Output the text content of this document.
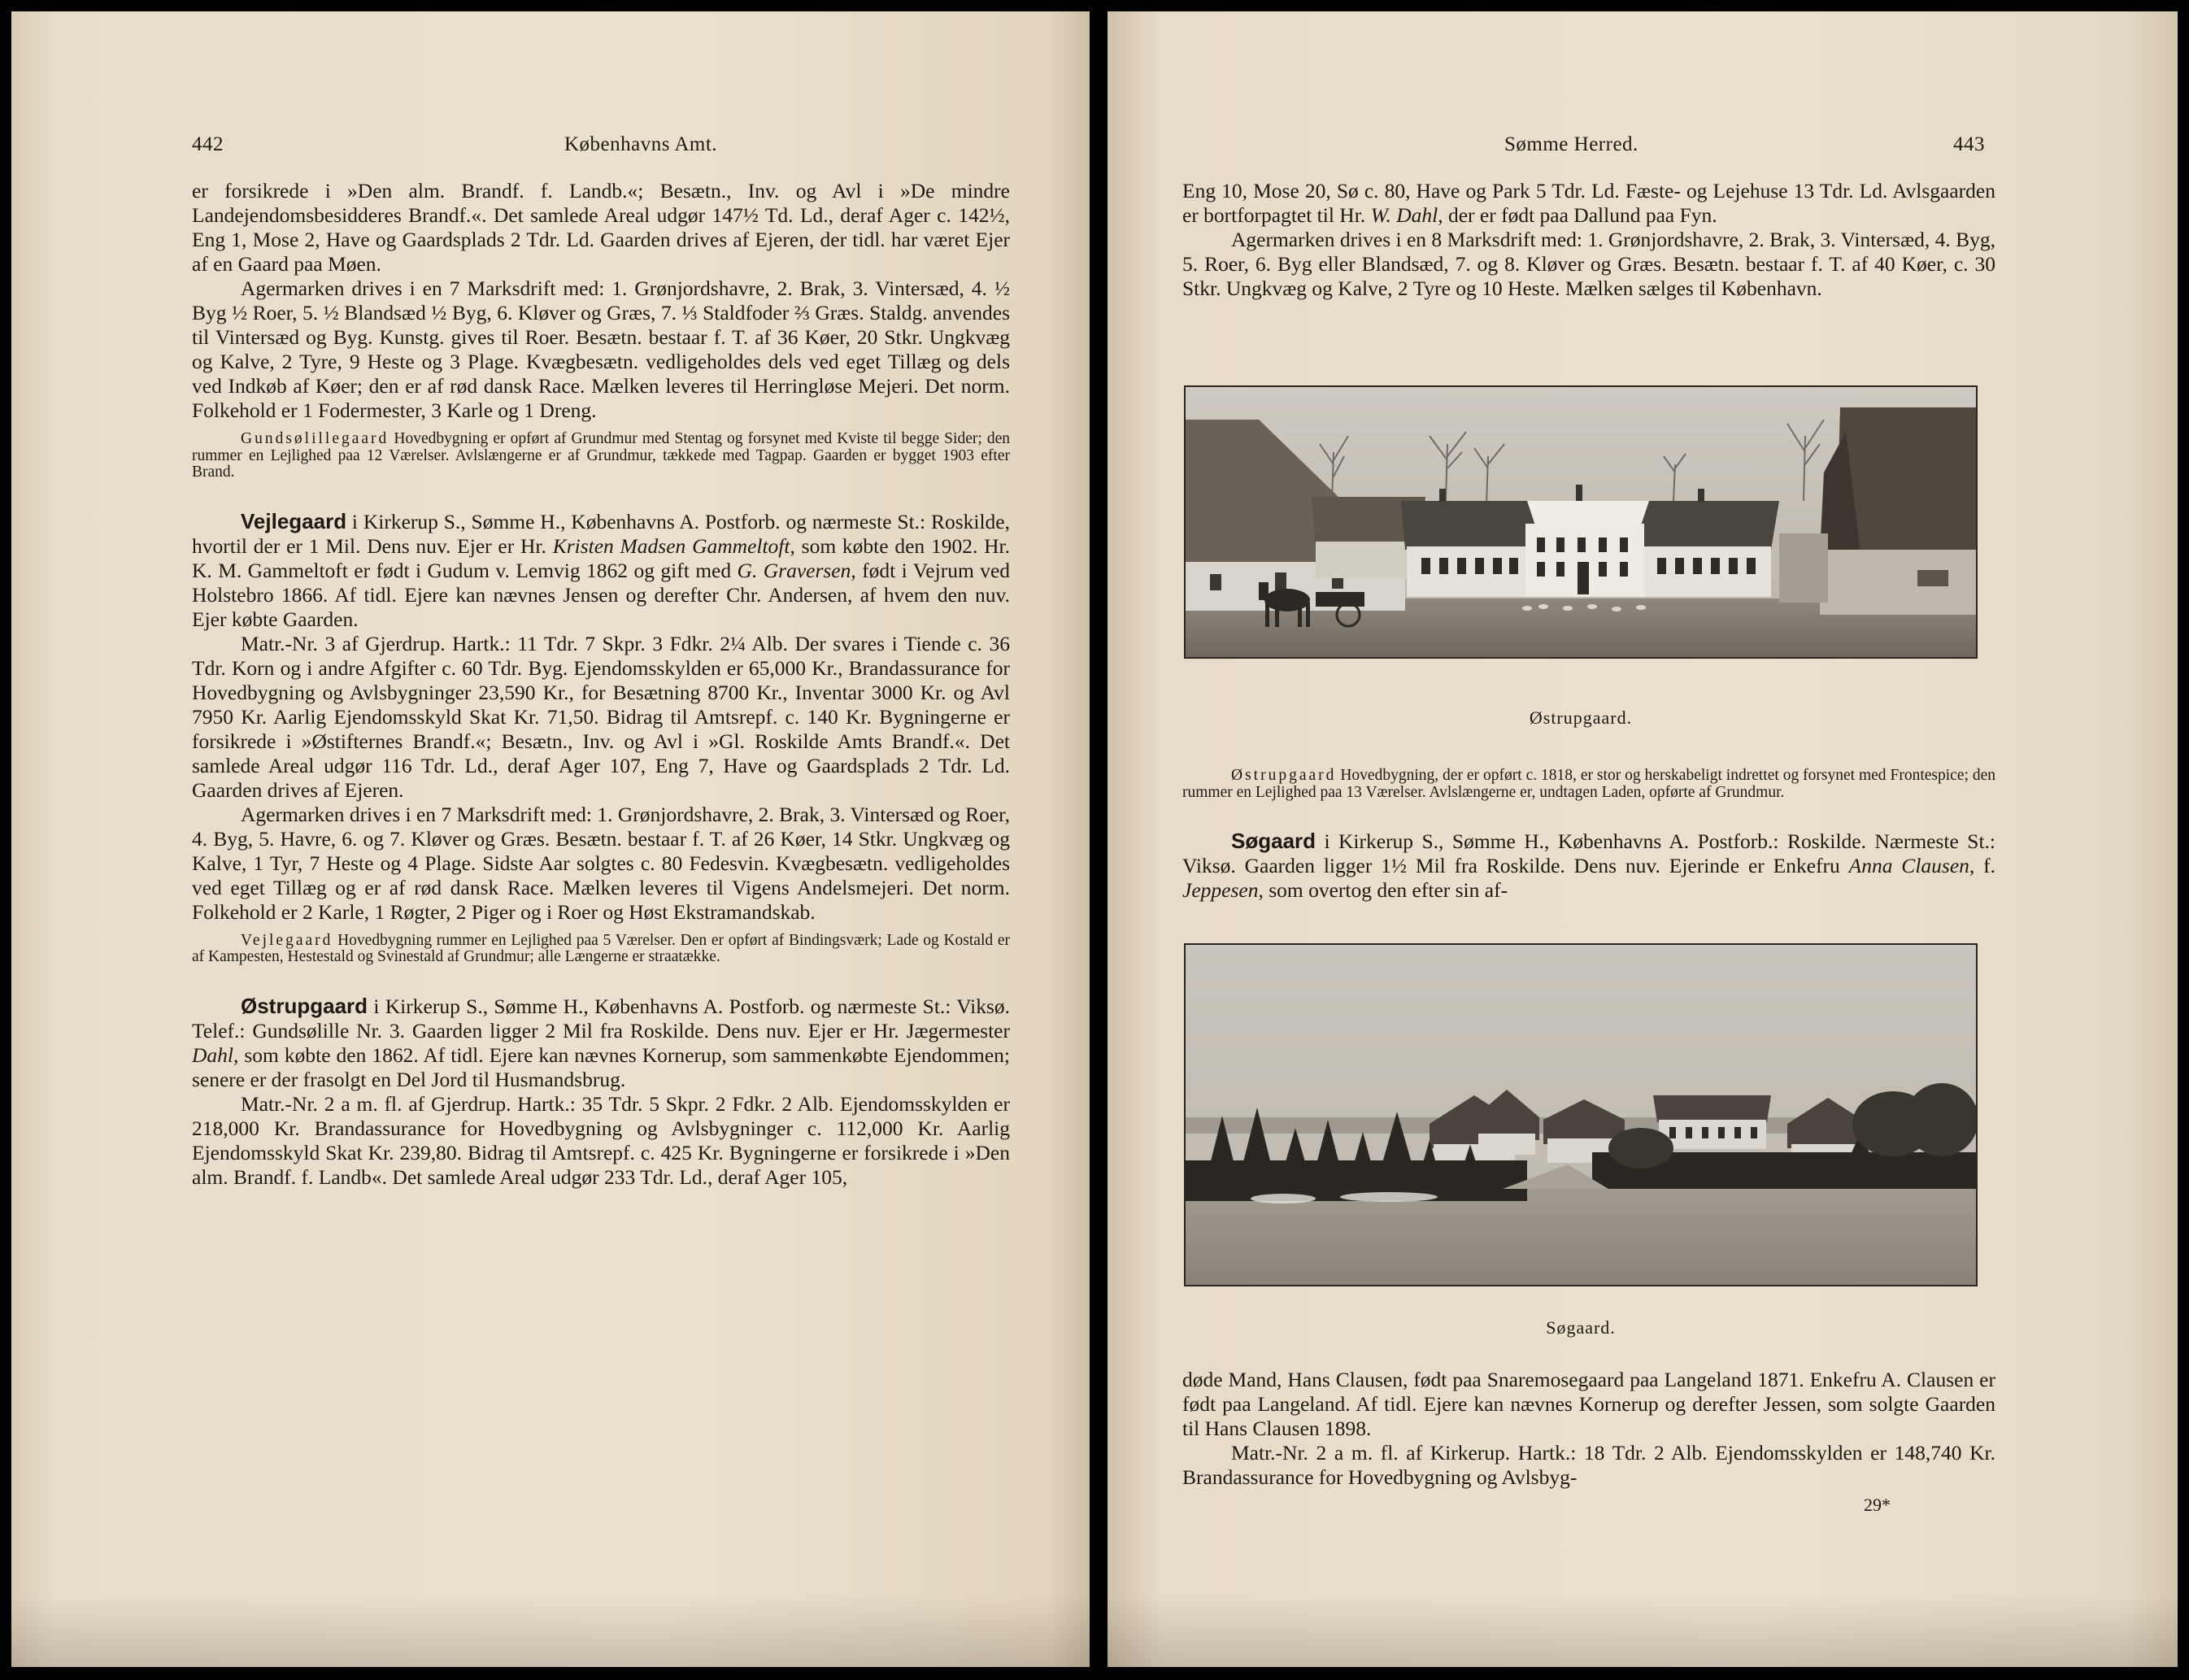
442	Københavns Amt.

er forsikrede i »Den alm. Brandf. f. Landb.«; Besætn., Inv. og Avl i »De mindre Landejendomsbesidderes Brandf.«. Det samlede Areal udgør 147½ Td. Ld., deraf Ager c. 142½, Eng 1, Mose 2, Have og Gaardsplads 2 Tdr. Ld. Gaarden drives af Ejeren, der tidl. har været Ejer af en Gaard paa Møen.

Agermarken drives i en 7 Marksdrift med: 1. Grønjordshavre, 2. Brak, 3. Vintersæd, 4. ½ Byg ½ Roer, 5. ½ Blandsæd ½ Byg, 6. Kløver og Græs, 7. ⅓ Staldfoder ⅔ Græs. Staldg. anvendes til Vintersæd og Byg. Kunstg. gives til Roer. Besætn. bestaar f. T. af 36 Køer, 20 Stkr. Ungkvæg og Kalve, 2 Tyre, 9 Heste og 3 Plage. Kvægbesætn. vedligeholdes dels ved eget Tillæg og dels ved Indkøb af Køer; den er af rød dansk Race. Mælken leveres til Herringløse Mejeri. Det norm. Folkehold er 1 Fodermester, 3 Karle og 1 Dreng.

Gundsølillegaard Hovedbygning er opført af Grundmur med Stentag og forsynet med Kviste til begge Sider; den rummer en Lejlighed paa 12 Værelser. Avlslængerne er af Grundmur, tækkede med Tagpap. Gaarden er bygget 1903 efter Brand.

Vejlegaard i Kirkerup S., Sømme H., Københavns A. Postforb. og nærmeste St.: Roskilde, hvortil der er 1 Mil. Dens nuv. Ejer er Hr. Kristen Madsen Gammeltoft, som købte den 1902. Hr. K. M. Gammeltoft er født i Gudum v. Lemvig 1862 og gift med G. Graversen, født i Vejrum ved Holstebro 1866. Af tidl. Ejere kan nævnes Jensen og derefter Chr. Andersen, af hvem den nuv. Ejer købte Gaarden.

Matr.-Nr. 3 af Gjerdrup. Hartk.: 11 Tdr. 7 Skpr. 3 Fdkr. 2¼ Alb. Der svares i Tiende c. 36 Tdr. Korn og i andre Afgifter c. 60 Tdr. Byg. Ejendomsskylden er 65,000 Kr., Brandassurance for Hovedbygning og Avlsbygninger 23,590 Kr., for Besætning 8700 Kr., Inventar 3000 Kr. og Avl 7950 Kr. Aarlig Ejendomsskyld Skat Kr. 71,50. Bidrag til Amtsrepf. c. 140 Kr. Bygningerne er forsikrede i »Østifternes Brandf.«; Besætn., Inv. og Avl i »Gl. Roskilde Amts Brandf.«. Det samlede Areal udgør 116 Tdr. Ld., deraf Ager 107, Eng 7, Have og Gaardsplads 2 Tdr. Ld. Gaarden drives af Ejeren.

Agermarken drives i en 7 Marksdrift med: 1. Grønjordshavre, 2. Brak, 3. Vintersæd og Roer, 4. Byg, 5. Havre, 6. og 7. Kløver og Græs. Besætn. bestaar f. T. af 26 Køer, 14 Stkr. Ungkvæg og Kalve, 1 Tyr, 7 Heste og 4 Plage. Sidste Aar solgtes c. 80 Fedesvin. Kvægbesætn. vedligeholdes ved eget Tillæg og er af rød dansk Race. Mælken leveres til Vigens Andelsmejeri. Det norm. Folkehold er 2 Karle, 1 Røgter, 2 Piger og i Roer og Høst Ekstramandskab.

Vejlegaard Hovedbygning rummer en Lejlighed paa 5 Værelser. Den er opført af Bindingsværk; Lade og Kostald er af Kampesten, Hestestald og Svinestald af Grundmur; alle Længerne er straatække.

Østrupgaard i Kirkerup S., Sømme H., Københavns A. Postforb. og nærmeste St.: Viksø. Telef.: Gundsølille Nr. 3. Gaarden ligger 2 Mil fra Roskilde. Dens nuv. Ejer er Hr. Jægermester Dahl, som købte den 1862. Af tidl. Ejere kan nævnes Kornerup, som sammenkøbte Ejendommen; senere er der frasolgt en Del Jord til Husmandsbrug.

Matr.-Nr. 2 a m. fl. af Gjerdrup. Hartk.: 35 Tdr. 5 Skpr. 2 Fdkr. 2 Alb. Ejendomsskylden er 218,000 Kr. Brandassurance for Hovedbygning og Avlsbygninger c. 112,000 Kr. Aarlig Ejendomsskyld Skat Kr. 239,80. Bidrag til Amtsrepf. c. 425 Kr. Bygningerne er forsikrede i »Den alm. Brandf. f. Landb«. Det samlede Areal udgør 233 Tdr. Ld., deraf Ager 105,

Sømme Herred.	443

Eng 10, Mose 20, Sø c. 80, Have og Park 5 Tdr. Ld. Fæste- og Lejehuse 13 Tdr. Ld. Avlsgaarden er bortforpagtet til Hr. W. Dahl, der er født paa Dallund paa Fyn.

Agermarken drives i en 8 Marksdrift med: 1. Grønjordshavre, 2. Brak, 3. Vintersæd, 4. Byg, 5. Roer, 6. Byg eller Blandsæd, 7. og 8. Kløver og Græs. Besætn. bestaar f. T. af 40 Køer, c. 30 Stkr. Ungkvæg og Kalve, 2 Tyre og 10 Heste. Mælken sælges til København.

Østrupgaard.

Østrupgaard Hovedbygning, der er opført c. 1818, er stor og herskabeligt indrettet og forsynet med Frontespice; den rummer en Lejlighed paa 13 Værelser. Avlslængerne er, undtagen Laden, opførte af Grundmur.

Søgaard i Kirkerup S., Sømme H., Københavns A. Postforb.: Roskilde. Nærmeste St.: Viksø. Gaarden ligger 1½ Mil fra Roskilde. Dens nuv. Ejerinde er Enkefru Anna Clausen, f. Jeppesen, som overtog den efter sin af-

Søgaard.

døde Mand, Hans Clausen, født paa Snaremosegaard paa Langeland 1871. Enkefru A. Clausen er født paa Langeland. Af tidl. Ejere kan nævnes Kornerup og derefter Jessen, som solgte Gaarden til Hans Clausen 1898.

Matr.-Nr. 2 a m. fl. af Kirkerup. Hartk.: 18 Tdr. 2 Alb. Ejendomsskylden er 148,740 Kr. Brandassurance for Hovedbygning og Avlsbyg-

29*
